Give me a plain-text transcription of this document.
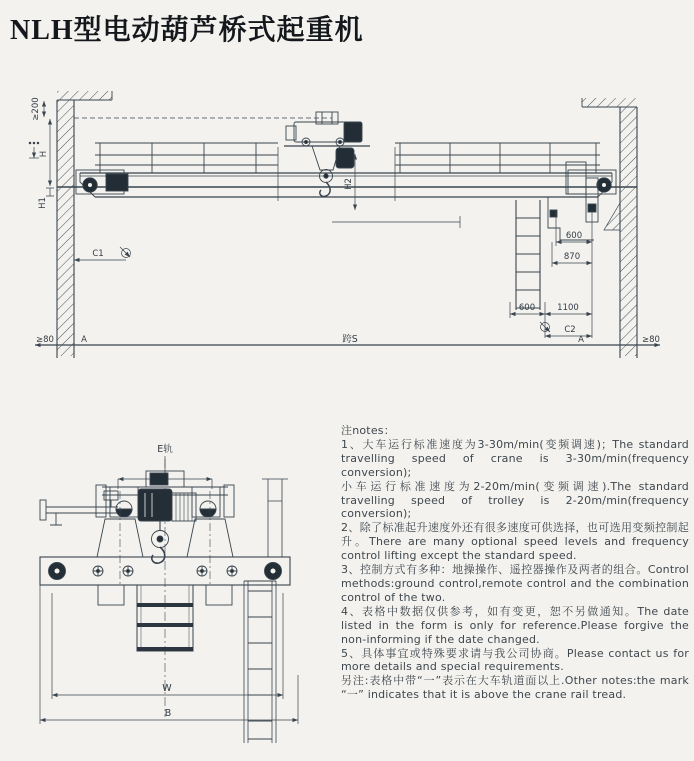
NLH型电动葫芦桥式起重机
≥200
H
H1
H2
C1
600
870
600	1100
C2
≥80	A	跨S	A	≥80
E轨
W
B

注notes：

1、大车运行标准速度为3-30m/min(变频调速)；The standard travelling speed of crane is 3-30m/min(frequency conversion);

小车运行标准速度为2-20m/min(变频调速).The standard travelling speed of trolley is 2-20m/min(frequency conversion);

2、除了标准起升速度外还有很多速度可供选择，也可选用变频控制起升。There are many optional speed levels and frequency control lifting except the standard speed.

3、控制方式有多种：地操操作、遥控器操作及两者的组合。Control methods:ground control,remote control and the combination control of the two.

4、表格中数据仅供参考，如有变更，恕不另做通知。The date listed in the form is only for reference.Please forgive the non-informing if the date changed.

5、具体事宜或特殊要求请与我公司协商。Please contact us for more details and special requirements.

另注:表格中带“一”表示在大车轨道面以上.Other notes:the mark “一” indicates that it is above the crane rail tread.
